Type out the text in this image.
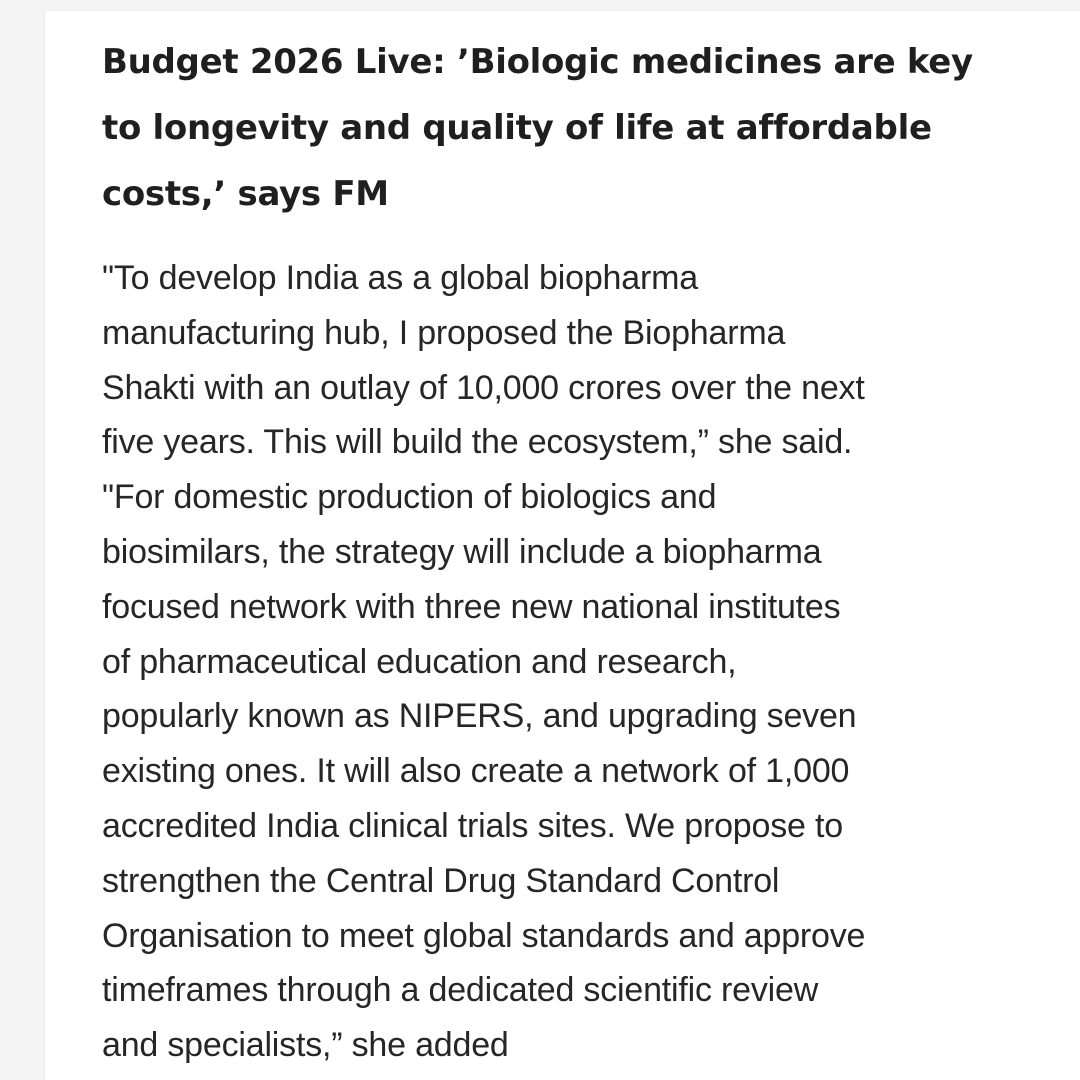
Budget 2026 Live: ’Biologic medicines are key
to longevity and quality of life at affordable
costs,’ says FM

"To develop India as a global biopharma
manufacturing hub, I proposed the Biopharma
Shakti with an outlay of 10,000 crores over the next
five years. This will build the ecosystem,” she said.
"For domestic production of biologics and
biosimilars, the strategy will include a biopharma
focused network with three new national institutes
of pharmaceutical education and research,
popularly known as NIPERS, and upgrading seven
existing ones. It will also create a network of 1,000
accredited India clinical trials sites. We propose to
strengthen the Central Drug Standard Control
Organisation to meet global standards and approve
timeframes through a dedicated scientific review
and specialists,” she added
